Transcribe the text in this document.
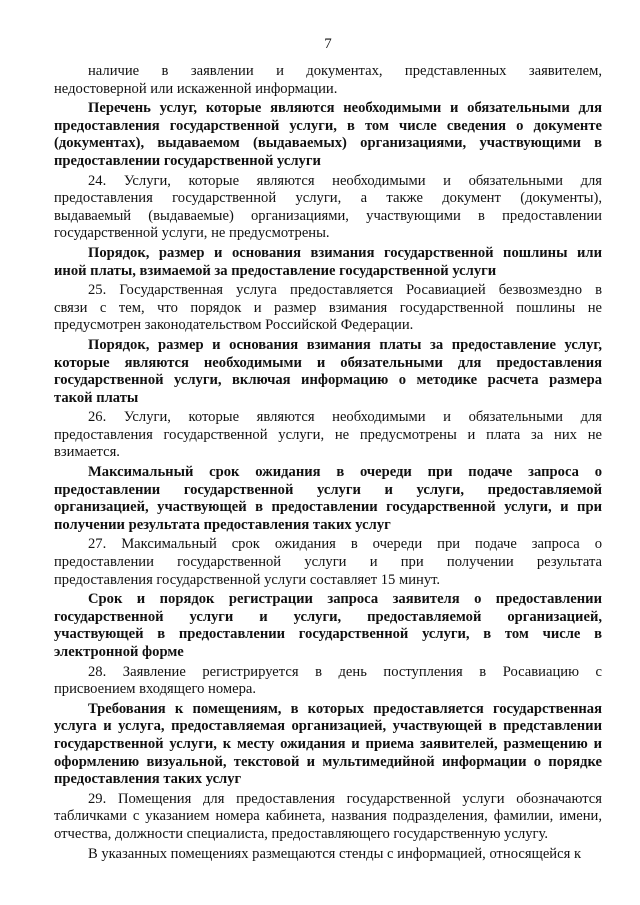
7
наличие в заявлении и документах, представленных заявителем,
недостоверной или искаженной информации.
Перечень услуг, которые являются необходимыми и обязательными для
предоставления государственной услуги, в том числе сведения о документе
(документах), выдаваемом (выдаваемых) организациями, участвующими в
предоставлении государственной услуги
24. Услуги, которые являются необходимыми и обязательными для
предоставления государственной услуги, а также документ (документы),
выдаваемый (выдаваемые) организациями, участвующими в предоставлении
государственной услуги, не предусмотрены.
Порядок, размер и основания взимания государственной пошлины или
иной платы, взимаемой за предоставление государственной услуги
25. Государственная услуга предоставляется Росавиацией безвозмездно в
связи с тем, что порядок и размер взимания государственной пошлины не
предусмотрен законодательством Российской Федерации.
Порядок, размер и основания взимания платы за предоставление услуг,
которые являются необходимыми и обязательными для предоставления
государственной услуги, включая информацию о методике расчета размера
такой платы
26. Услуги, которые являются необходимыми и обязательными для
предоставления государственной услуги, не предусмотрены и плата за них не
взимается.
Максимальный срок ожидания в очереди при подаче запроса о
предоставлении государственной услуги и услуги, предоставляемой
организацией, участвующей в предоставлении государственной услуги, и при
получении результата предоставления таких услуг
27. Максимальный срок ожидания в очереди при подаче запроса о
предоставлении государственной услуги и при получении результата
предоставления государственной услуги составляет 15 минут.
Срок и порядок регистрации запроса заявителя о предоставлении
государственной услуги и услуги, предоставляемой организацией,
участвующей в предоставлении государственной услуги, в том числе в
электронной форме
28. Заявление регистрируется в день поступления в Росавиацию с
присвоением входящего номера.
Требования к помещениям, в которых предоставляется государственная
услуга и услуга, предоставляемая организацией, участвующей в представлении
государственной услуги, к месту ожидания и приема заявителей, размещению и
оформлению визуальной, текстовой и мультимедийной информации о порядке
предоставления таких услуг
29. Помещения для предоставления государственной услуги обозначаются
табличками с указанием номера кабинета, названия подразделения, фамилии, имени,
отчества, должности специалиста, предоставляющего государственную услугу.
В указанных помещениях размещаются стенды с информацией, относящейся к
